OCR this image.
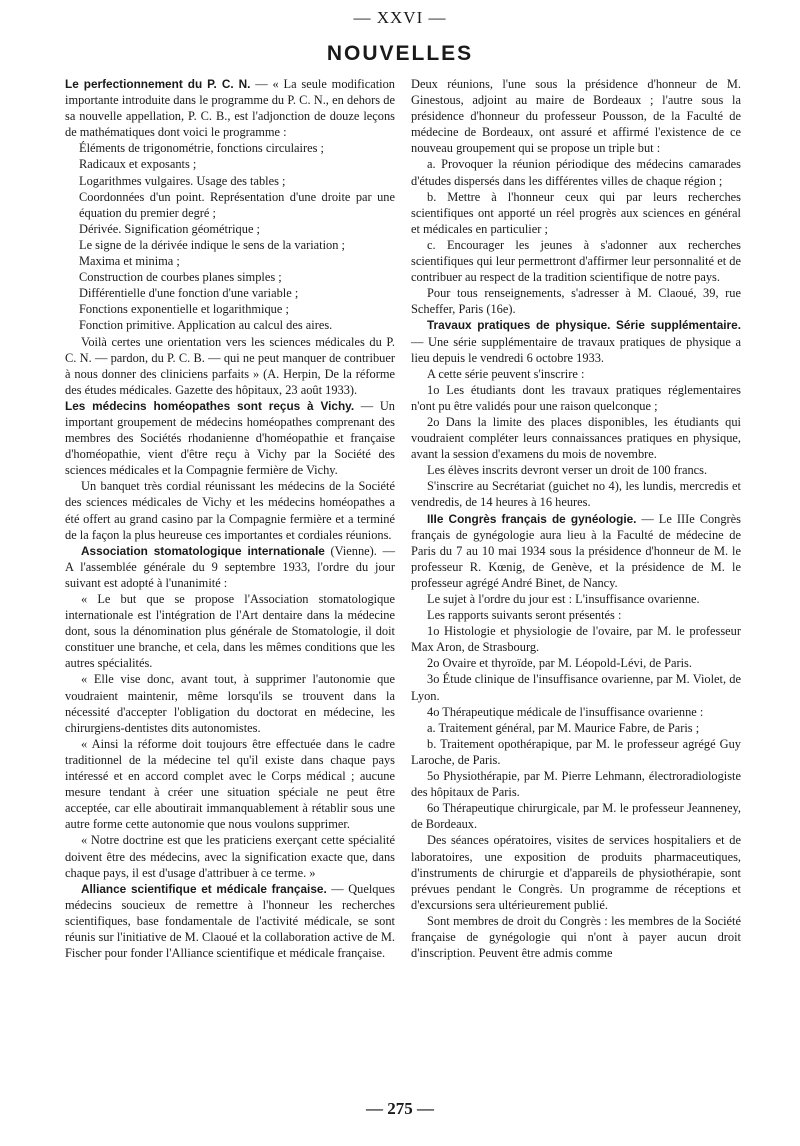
— XXVI —
NOUVELLES

Le perfectionnement du P. C. N. — « La seule modification importante introduite dans le programme du P. C. N., en dehors de sa nouvelle appellation, P. C. B., est l'adjonction de douze leçons de mathématiques dont voici le programme :

Éléments de trigonométrie, fonctions circulaires ;

Radicaux et exposants ;

Logarithmes vulgaires. Usage des tables ;

Coordonnées d'un point. Représentation d'une droite par une équation du premier degré ;

Dérivée. Signification géométrique ;

Le signe de la dérivée indique le sens de la variation ;

Maxima et minima ;

Construction de courbes planes simples ;

Différentielle d'une fonction d'une variable ;

Fonctions exponentielle et logarithmique ;

Fonction primitive. Application au calcul des aires.

Voilà certes une orientation vers les sciences médicales du P. C. N. — pardon, du P. C. B. — qui ne peut manquer de contribuer à nous donner des cliniciens parfaits » (A. Herpin, De la réforme des études médicales. Gazette des hôpitaux, 23 août 1933).

Les médecins homéopathes sont reçus à Vichy. — Un important groupement de médecins homéopathes comprenant des membres des Sociétés rhodanienne d'homéopathie et française d'homéopathie, vient d'être reçu à Vichy par la Société des sciences médicales et la Compagnie fermière de Vichy.

Un banquet très cordial réunissant les médecins de la Société des sciences médicales de Vichy et les médecins homéopathes a été offert au grand casino par la Compagnie fermière et a terminé de la façon la plus heureuse ces importantes et cordiales réunions.

Association stomatologique internationale (Vienne). — A l'assemblée générale du 9 septembre 1933, l'ordre du jour suivant est adopté à l'unanimité :

« Le but que se propose l'Association stomatologique internationale est l'intégration de l'Art dentaire dans la médecine dont, sous la dénomination plus générale de Stomatologie, il doit constituer une branche, et cela, dans les mêmes conditions que les autres spécialités.

« Elle vise donc, avant tout, à supprimer l'autonomie que voudraient maintenir, même lorsqu'ils se trouvent dans la nécessité d'accepter l'obligation du doctorat en médecine, les chirurgiens-dentistes dits autonomistes.

« Ainsi la réforme doit toujours être effectuée dans le cadre traditionnel de la médecine tel qu'il existe dans chaque pays intéressé et en accord complet avec le Corps médical ; aucune mesure tendant à créer une situation spéciale ne peut être acceptée, car elle aboutirait immanquablement à rétablir sous une autre forme cette autonomie que nous voulons supprimer.

« Notre doctrine est que les praticiens exerçant cette spécialité doivent être des médecins, avec la signification exacte que, dans chaque pays, il est d'usage d'attribuer à ce terme. »

Alliance scientifique et médicale française. — Quelques médecins soucieux de remettre à l'honneur les recherches scientifiques, base fondamentale de l'activité médicale, se sont réunis sur l'initiative de M. Claoué et la collaboration active de M. Fischer pour fonder l'Alliance scientifique et médicale française.

Deux réunions, l'une sous la présidence d'honneur de M. Ginestous, adjoint au maire de Bordeaux ; l'autre sous la présidence d'honneur du professeur Pousson, de la Faculté de médecine de Bordeaux, ont assuré et affirmé l'existence de ce nouveau groupement qui se propose un triple but :

a. Provoquer la réunion périodique des médecins camarades d'études dispersés dans les différentes villes de chaque région ;

b. Mettre à l'honneur ceux qui par leurs recherches scientifiques ont apporté un réel progrès aux sciences en général et médicales en particulier ;

c. Encourager les jeunes à s'adonner aux recherches scientifiques qui leur permettront d'affirmer leur personnalité et de contribuer au respect de la tradition scientifique de notre pays.

Pour tous renseignements, s'adresser à M. Claoué, 39, rue Scheffer, Paris (16e).

Travaux pratiques de physique. Série supplémentaire. — Une série supplémentaire de travaux pratiques de physique a lieu depuis le vendredi 6 octobre 1933.

A cette série peuvent s'inscrire :

1o Les étudiants dont les travaux pratiques réglementaires n'ont pu être validés pour une raison quelconque ;

2o Dans la limite des places disponibles, les étudiants qui voudraient compléter leurs connaissances pratiques en physique, avant la session d'examens du mois de novembre.

Les élèves inscrits devront verser un droit de 100 francs.

S'inscrire au Secrétariat (guichet no 4), les lundis, mercredis et vendredis, de 14 heures à 16 heures.

IIIe Congrès français de gynéologie. — Le IIIe Congrès français de gynégologie aura lieu à la Faculté de médecine de Paris du 7 au 10 mai 1934 sous la présidence d'honneur de M. le professeur R. Kœnig, de Genève, et la présidence de M. le professeur agrégé André Binet, de Nancy.

Le sujet à l'ordre du jour est : L'insuffisance ovarienne.

Les rapports suivants seront présentés :

1o Histologie et physiologie de l'ovaire, par M. le professeur Max Aron, de Strasbourg.

2o Ovaire et thyroïde, par M. Léopold-Lévi, de Paris.

3o Étude clinique de l'insuffisance ovarienne, par M. Violet, de Lyon.

4o Thérapeutique médicale de l'insuffisance ovarienne :

a. Traitement général, par M. Maurice Fabre, de Paris ;

b. Traitement opothérapique, par M. le professeur agrégé Guy Laroche, de Paris.

5o Physiothérapie, par M. Pierre Lehmann, électroradiologiste des hôpitaux de Paris.

6o Thérapeutique chirurgicale, par M. le professeur Jeanneney, de Bordeaux.

Des séances opératoires, visites de services hospitaliers et de laboratoires, une exposition de produits pharmaceutiques, d'instruments de chirurgie et d'appareils de physiothérapie, sont prévues pendant le Congrès. Un programme de réceptions et d'excursions sera ultérieurement publié.

Sont membres de droit du Congrès : les membres de la Société française de gynégologie qui n'ont à payer aucun droit d'inscription. Peuvent être admis comme

— 275 —
